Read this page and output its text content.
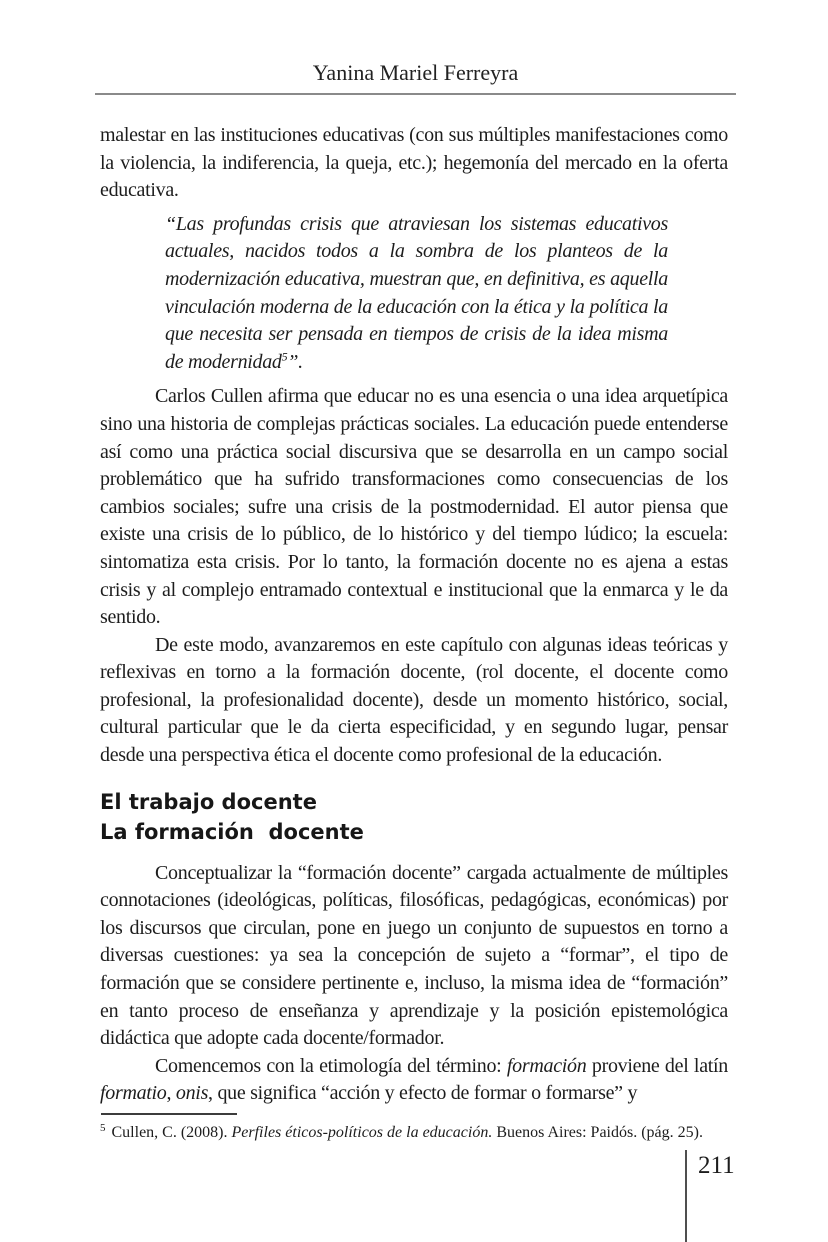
Yanina Mariel Ferreyra

malestar en las instituciones educativas (con sus múltiples manifestaciones como la violencia, la indiferencia, la queja, etc.); hegemonía del mercado en la oferta educativa.

“Las profundas crisis que atraviesan los sistemas educativos actuales, nacidos todos a la sombra de los planteos de la modernización educativa, muestran que, en definitiva, es aquella vinculación moderna de la educación con la ética y la política la que necesita ser pensada en tiempos de crisis de la idea misma de modernidad$^5$”.

Carlos Cullen afirma que educar no es una esencia o una idea arquetípica sino una historia de complejas prácticas sociales. La educación puede entenderse así como una práctica social discursiva que se desarrolla en un campo social problemático que ha sufrido transformaciones como consecuencias de los cambios sociales; sufre una crisis de la postmodernidad. El autor piensa que existe una crisis de lo público, de lo histórico y del tiempo lúdico; la escuela: sintomatiza esta crisis. Por lo tanto, la formación docente no es ajena a estas crisis y al complejo entramado contextual e institucional que la enmarca y le da sentido.

De este modo, avanzaremos en este capítulo con algunas ideas teóricas y reflexivas en torno a la formación docente, (rol docente, el docente como profesional, la profesionalidad docente), desde un momento histórico, social, cultural particular que le da cierta especificidad, y en segundo lugar, pensar desde una perspectiva ética el docente como profesional de la educación.

El trabajo docente
La formación  docente

Conceptualizar la “formación docente” cargada actualmente de múltiples connotaciones (ideológicas, políticas, filosóficas, pedagógicas, económicas) por los discursos que circulan, pone en juego un conjunto de supuestos en torno a diversas cuestiones: ya sea la concepción de sujeto a “formar”, el tipo de formación que se considere pertinente e, incluso, la misma idea de “formación” en tanto proceso de enseñanza y aprendizaje y la posición epistemológica didáctica que adopte cada docente/formador.

Comencemos con la etimología del término: formación proviene del latín formatio, onis, que significa “acción y efecto de formar o formarse” y

$^5$ Cullen, C. (2008). Perfiles éticos-políticos de la educación. Buenos Aires: Paidós. (pág. 25).
211
